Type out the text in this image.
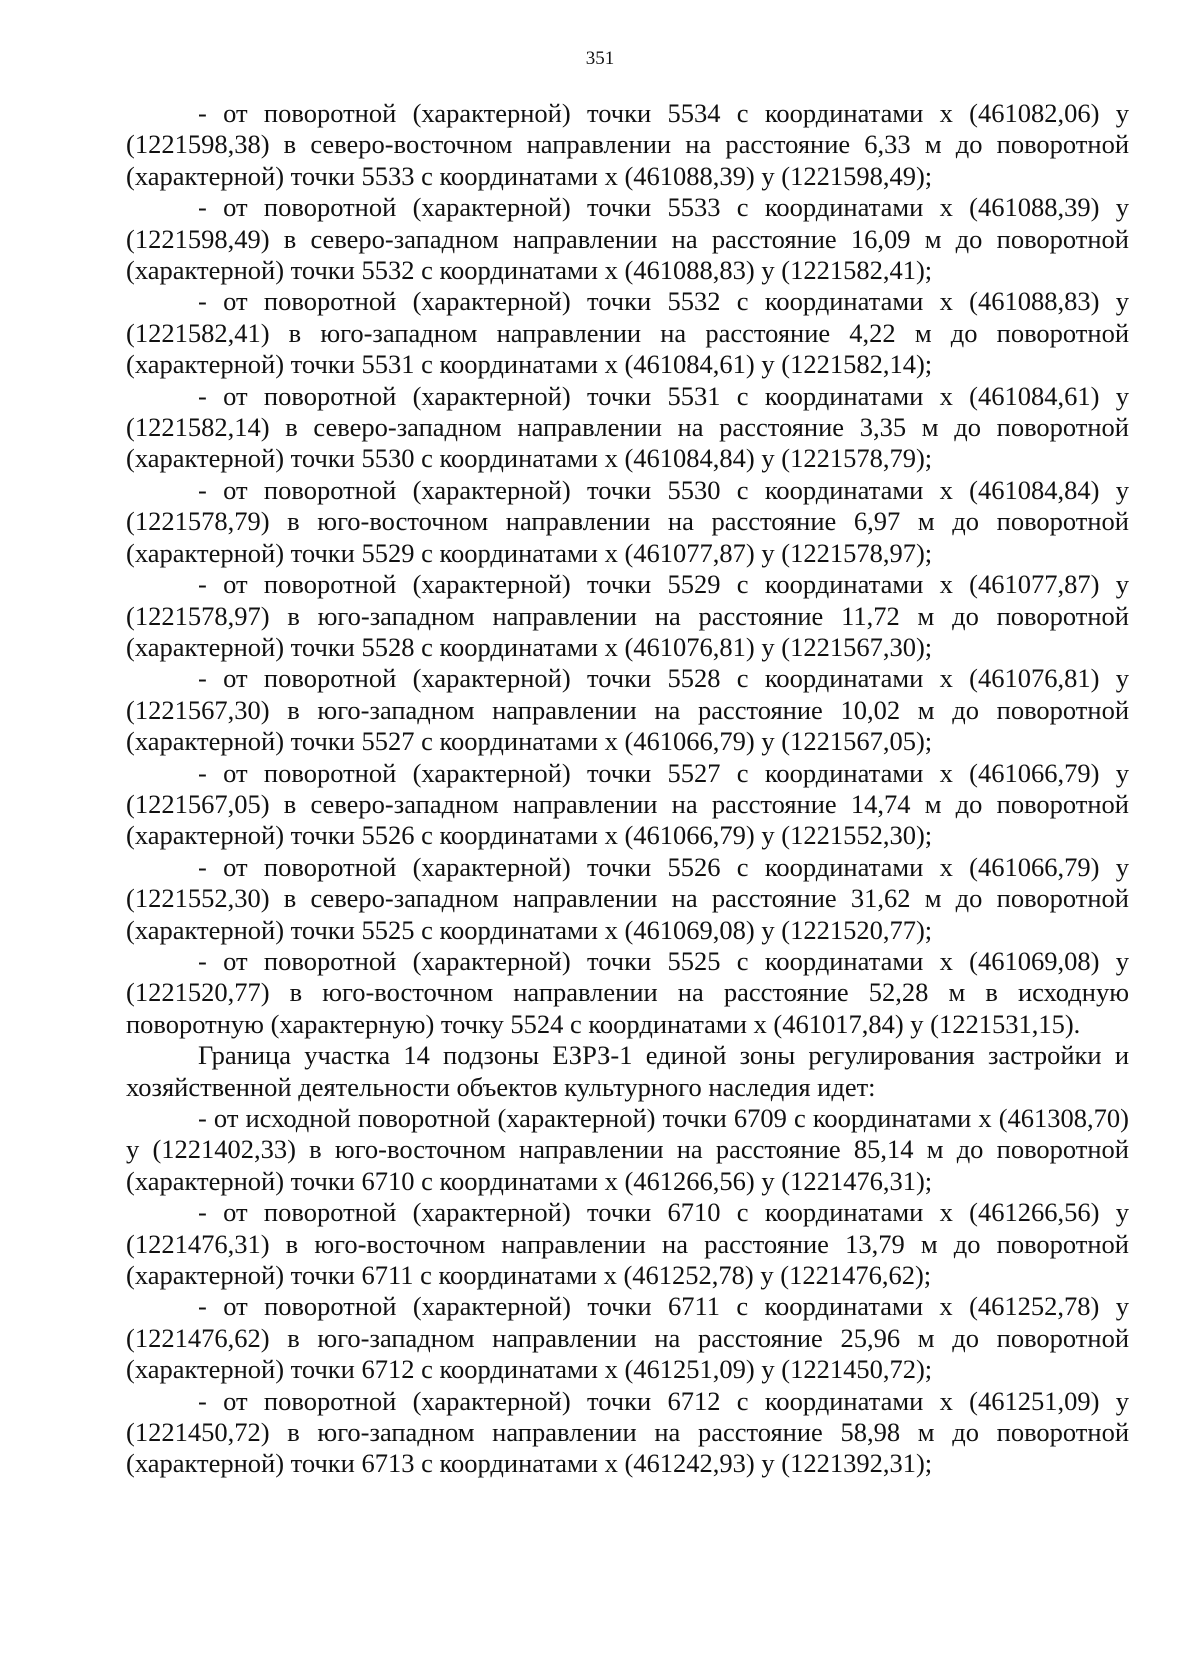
351

- от поворотной (характерной) точки 5534 с координатами x (461082,06) y (1221598,38) в северо-восточном направлении на расстояние 6,33 м до поворотной (характерной) точки 5533 с координатами x (461088,39) y (1221598,49);

- от поворотной (характерной) точки 5533 с координатами x (461088,39) y (1221598,49) в северо-западном направлении на расстояние 16,09 м до поворотной (характерной) точки 5532 с координатами x (461088,83) y (1221582,41);

- от поворотной (характерной) точки 5532 с координатами x (461088,83) y (1221582,41) в юго-западном направлении на расстояние 4,22 м до поворотной (характерной) точки 5531 с координатами x (461084,61) y (1221582,14);

- от поворотной (характерной) точки 5531 с координатами x (461084,61) y (1221582,14) в северо-западном направлении на расстояние 3,35 м до поворотной (характерной) точки 5530 с координатами x (461084,84) y (1221578,79);

- от поворотной (характерной) точки 5530 с координатами x (461084,84) y (1221578,79) в юго-восточном направлении на расстояние 6,97 м до поворотной (характерной) точки 5529 с координатами x (461077,87) y (1221578,97);

- от поворотной (характерной) точки 5529 с координатами x (461077,87) y (1221578,97) в юго-западном направлении на расстояние 11,72 м до поворотной (характерной) точки 5528 с координатами x (461076,81) y (1221567,30);

- от поворотной (характерной) точки 5528 с координатами x (461076,81) y (1221567,30) в юго-западном направлении на расстояние 10,02 м до поворотной (характерной) точки 5527 с координатами x (461066,79) y (1221567,05);

- от поворотной (характерной) точки 5527 с координатами x (461066,79) y (1221567,05) в северо-западном направлении на расстояние 14,74 м до поворотной (характерной) точки 5526 с координатами x (461066,79) y (1221552,30);

- от поворотной (характерной) точки 5526 с координатами x (461066,79) y (1221552,30) в северо-западном направлении на расстояние 31,62 м до поворотной (характерной) точки 5525 с координатами x (461069,08) y (1221520,77);

- от поворотной (характерной) точки 5525 с координатами x (461069,08) y (1221520,77) в юго-восточном направлении на расстояние 52,28 м в исходную поворотную (характерную) точку 5524 с координатами x (461017,84) y (1221531,15).

Граница участка 14 подзоны ЕЗРЗ-1 единой зоны регулирования застройки и хозяйственной деятельности объектов культурного наследия идет:

- от исходной поворотной (характерной) точки 6709 с координатами x (461308,70) y (1221402,33) в юго-восточном направлении на расстояние 85,14 м до поворотной (характерной) точки 6710 с координатами x (461266,56) y (1221476,31);

- от поворотной (характерной) точки 6710 с координатами x (461266,56) y (1221476,31) в юго-восточном направлении на расстояние 13,79 м до поворотной (характерной) точки 6711 с координатами x (461252,78) y (1221476,62);

- от поворотной (характерной) точки 6711 с координатами x (461252,78) y (1221476,62) в юго-западном направлении на расстояние 25,96 м до поворотной (характерной) точки 6712 с координатами x (461251,09) y (1221450,72);

- от поворотной (характерной) точки 6712 с координатами x (461251,09) y (1221450,72) в юго-западном направлении на расстояние 58,98 м до поворотной (характерной) точки 6713 с координатами x (461242,93) y (1221392,31);
